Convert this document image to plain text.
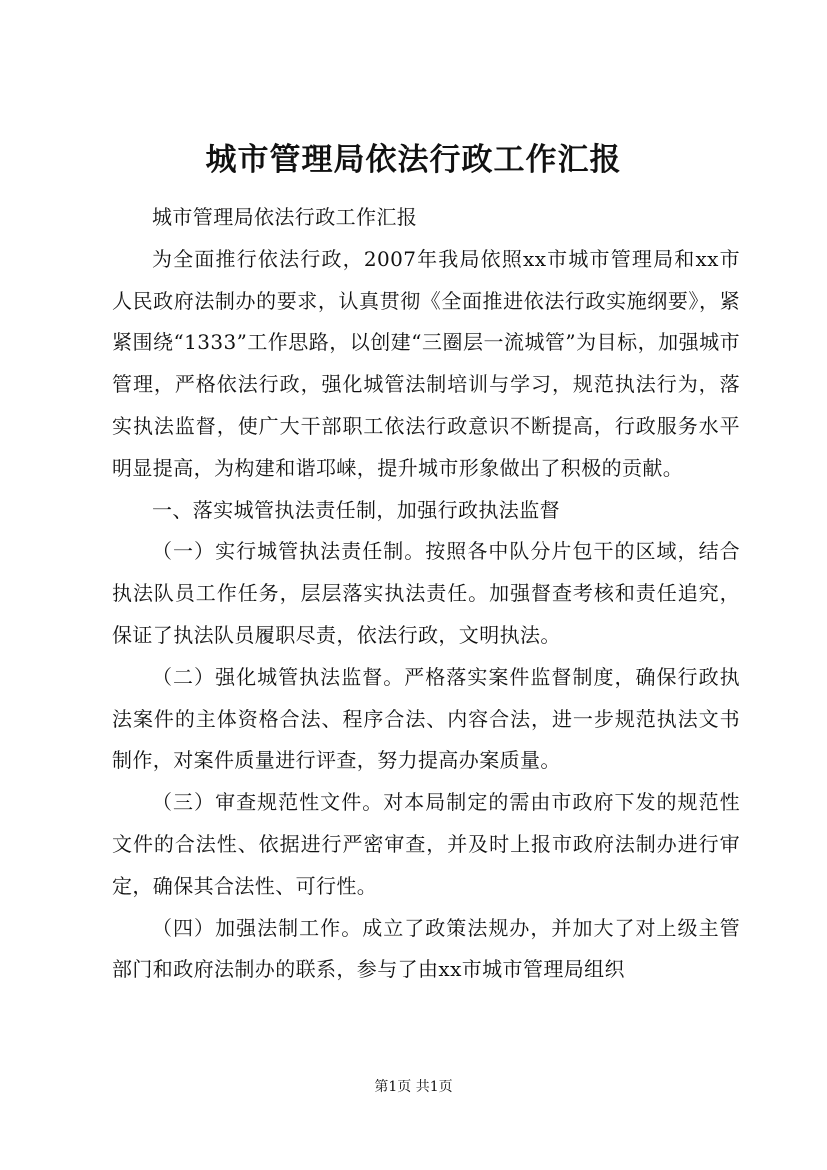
城市管理局依法行政工作汇报

城市管理局依法行政工作汇报

为全面推行依法行政，2007年我局依照xx市城市管理局和xx市人民政府法制办的要求，认真贯彻《全面推进依法行政实施纲要》，紧紧围绕“1333”工作思路，以创建“三圈层一流城管”为目标，加强城市管理，严格依法行政，强化城管法制培训与学习，规范执法行为，落实执法监督，使广大干部职工依法行政意识不断提高，行政服务水平明显提高，为构建和谐邛崃，提升城市形象做出了积极的贡献。

一、落实城管执法责任制，加强行政执法监督

（一）实行城管执法责任制。按照各中队分片包干的区域，结合执法队员工作任务，层层落实执法责任。加强督查考核和责任追究，保证了执法队员履职尽责，依法行政，文明执法。

（二）强化城管执法监督。严格落实案件监督制度，确保行政执法案件的主体资格合法、程序合法、内容合法，进一步规范执法文书制作，对案件质量进行评查，努力提高办案质量。

（三）审查规范性文件。对本局制定的需由市政府下发的规范性文件的合法性、依据进行严密审查，并及时上报市政府法制办进行审定，确保其合法性、可行性。

（四）加强法制工作。成立了政策法规办，并加大了对上级主管部门和政府法制办的联系，参与了由xx市城市管理局组织

第1页 共1页
